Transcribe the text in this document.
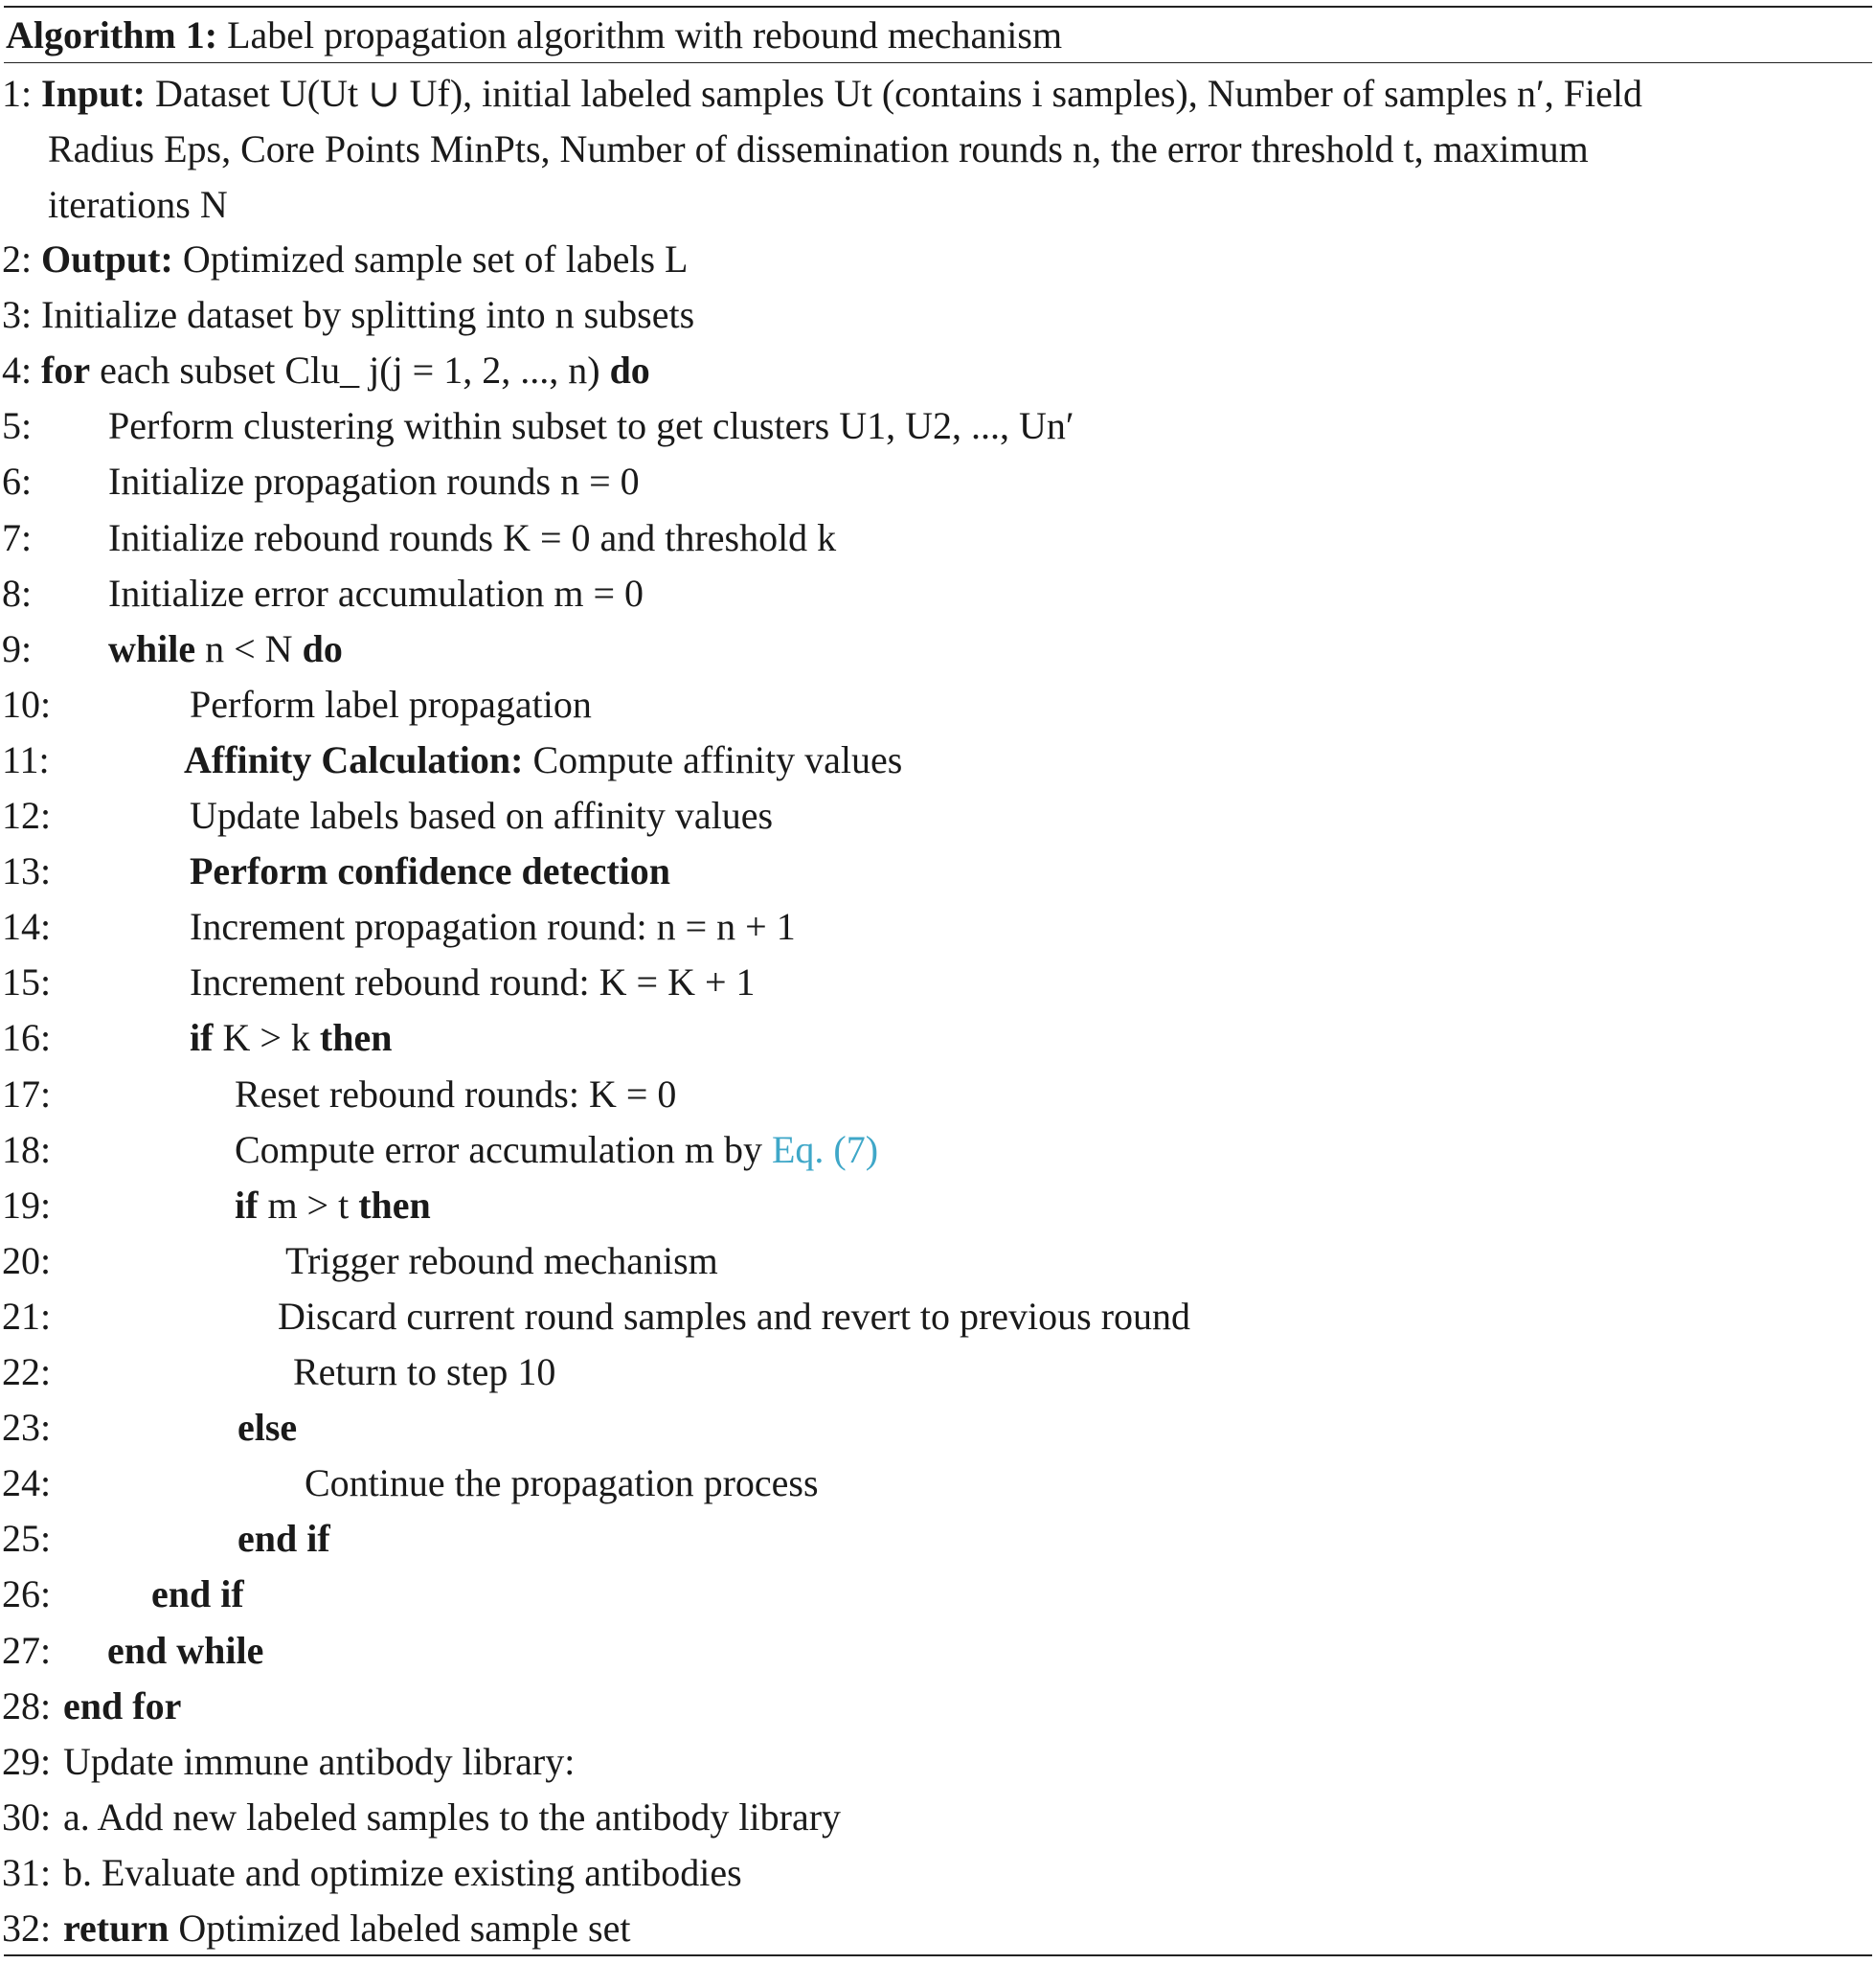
Algorithm 1: Label propagation algorithm with rebound mechanism
1: Input: Dataset U(Ut ∪ Uf), initial labeled samples Ut (contains i samples), Number of samples n′, Field
Radius Eps, Core Points MinPts, Number of dissemination rounds n, the error threshold t, maximum
iterations N
2: Output: Optimized sample set of labels L
3: Initialize dataset by splitting into n subsets
4: for each subset Clu_ j(j = 1, 2, ..., n) do
5: Perform clustering within subset to get clusters U1, U2, ..., Un′
6: Initialize propagation rounds n = 0
7: Initialize rebound rounds K = 0 and threshold k
8: Initialize error accumulation m = 0
9: while n < N do
10:	Perform label propagation
11:	Affinity Calculation: Compute affinity values
12:	Update labels based on affinity values
13:	Perform confidence detection
14:	Increment propagation round: n = n + 1
15:	Increment rebound round: K = K + 1
16:	if K > k then
17:	Reset rebound rounds: K = 0
18:	Compute error accumulation m by Eq. (7)
19:	if m > t then
20:	Trigger rebound mechanism
21:	Discard current round samples and revert to previous round
22:	Return to step 10
23:	else
24:	Continue the propagation process
25:	end if
26:	end if
27: end while
28: end for
29: Update immune antibody library:
30: a. Add new labeled samples to the antibody library
31: b. Evaluate and optimize existing antibodies
32: return Optimized labeled sample set
